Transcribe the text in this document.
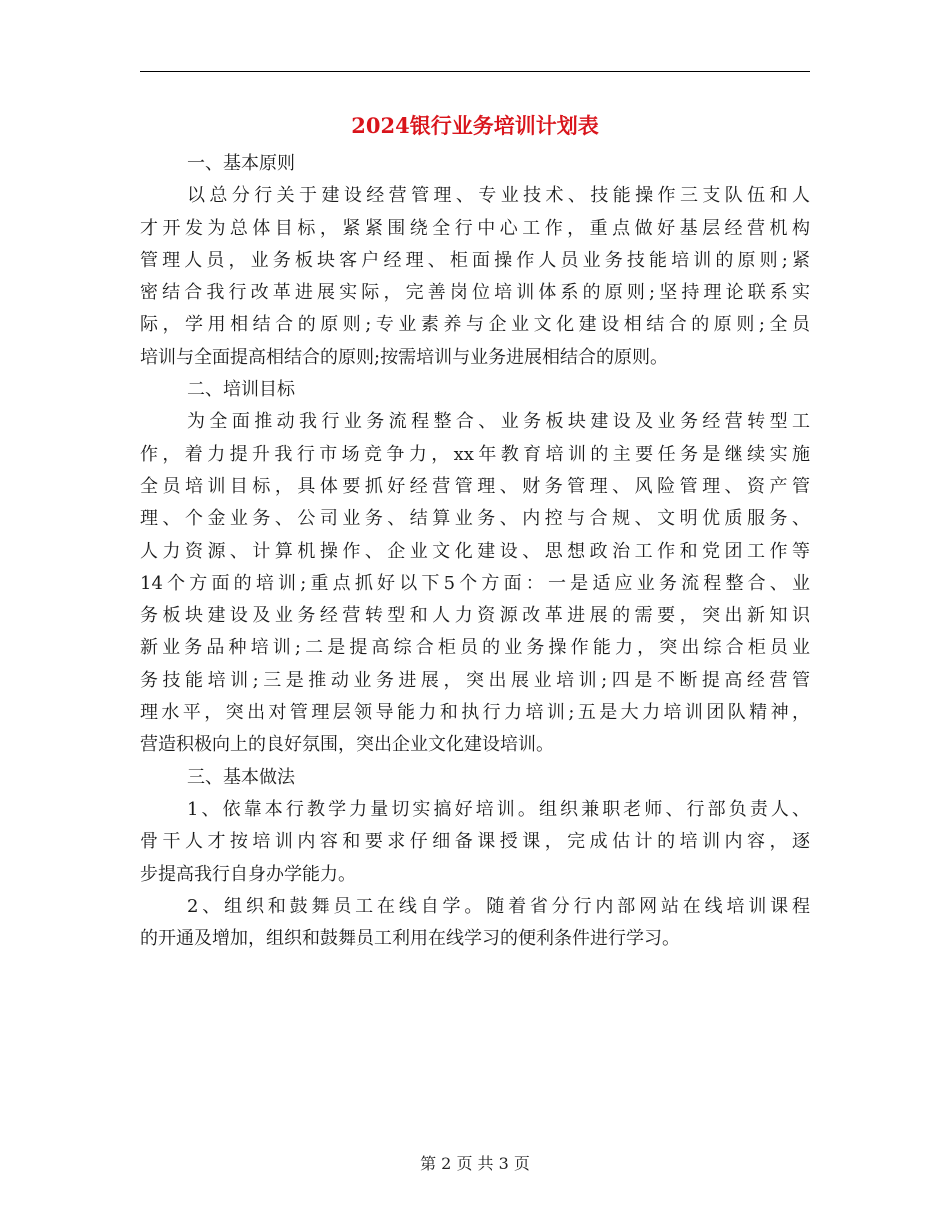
2024银行业务培训计划表
一、基本原则
以总分行关于建设经营管理、专业技术、技能操作三支队伍和人
才开发为总体目标，紧紧围绕全行中心工作，重点做好基层经营机构
管理人员，业务板块客户经理、柜面操作人员业务技能培训的原则;紧
密结合我行改革进展实际，完善岗位培训体系的原则;坚持理论联系实
际，学用相结合的原则;专业素养与企业文化建设相结合的原则;全员
培训与全面提高相结合的原则;按需培训与业务进展相结合的原则。
二、培训目标
为全面推动我行业务流程整合、业务板块建设及业务经营转型工
作，着力提升我行市场竞争力，xx年教育培训的主要任务是继续实施
全员培训目标，具体要抓好经营管理、财务管理、风险管理、资产管
理、个金业务、公司业务、结算业务、内控与合规、文明优质服务、
人力资源、计算机操作、企业文化建设、思想政治工作和党团工作等
14个方面的培训;重点抓好以下5个方面：一是适应业务流程整合、业
务板块建设及业务经营转型和人力资源改革进展的需要，突出新知识
新业务品种培训;二是提高综合柜员的业务操作能力，突出综合柜员业
务技能培训;三是推动业务进展，突出展业培训;四是不断提高经营管
理水平，突出对管理层领导能力和执行力培训;五是大力培训团队精神，
营造积极向上的良好氛围，突出企业文化建设培训。
三、基本做法
1、依靠本行教学力量切实搞好培训。组织兼职老师、行部负责人、
骨干人才按培训内容和要求仔细备课授课，完成估计的培训内容，逐
步提高我行自身办学能力。
2、组织和鼓舞员工在线自学。随着省分行内部网站在线培训课程
的开通及增加，组织和鼓舞员工利用在线学习的便利条件进行学习。
第 2 页 共 3 页
